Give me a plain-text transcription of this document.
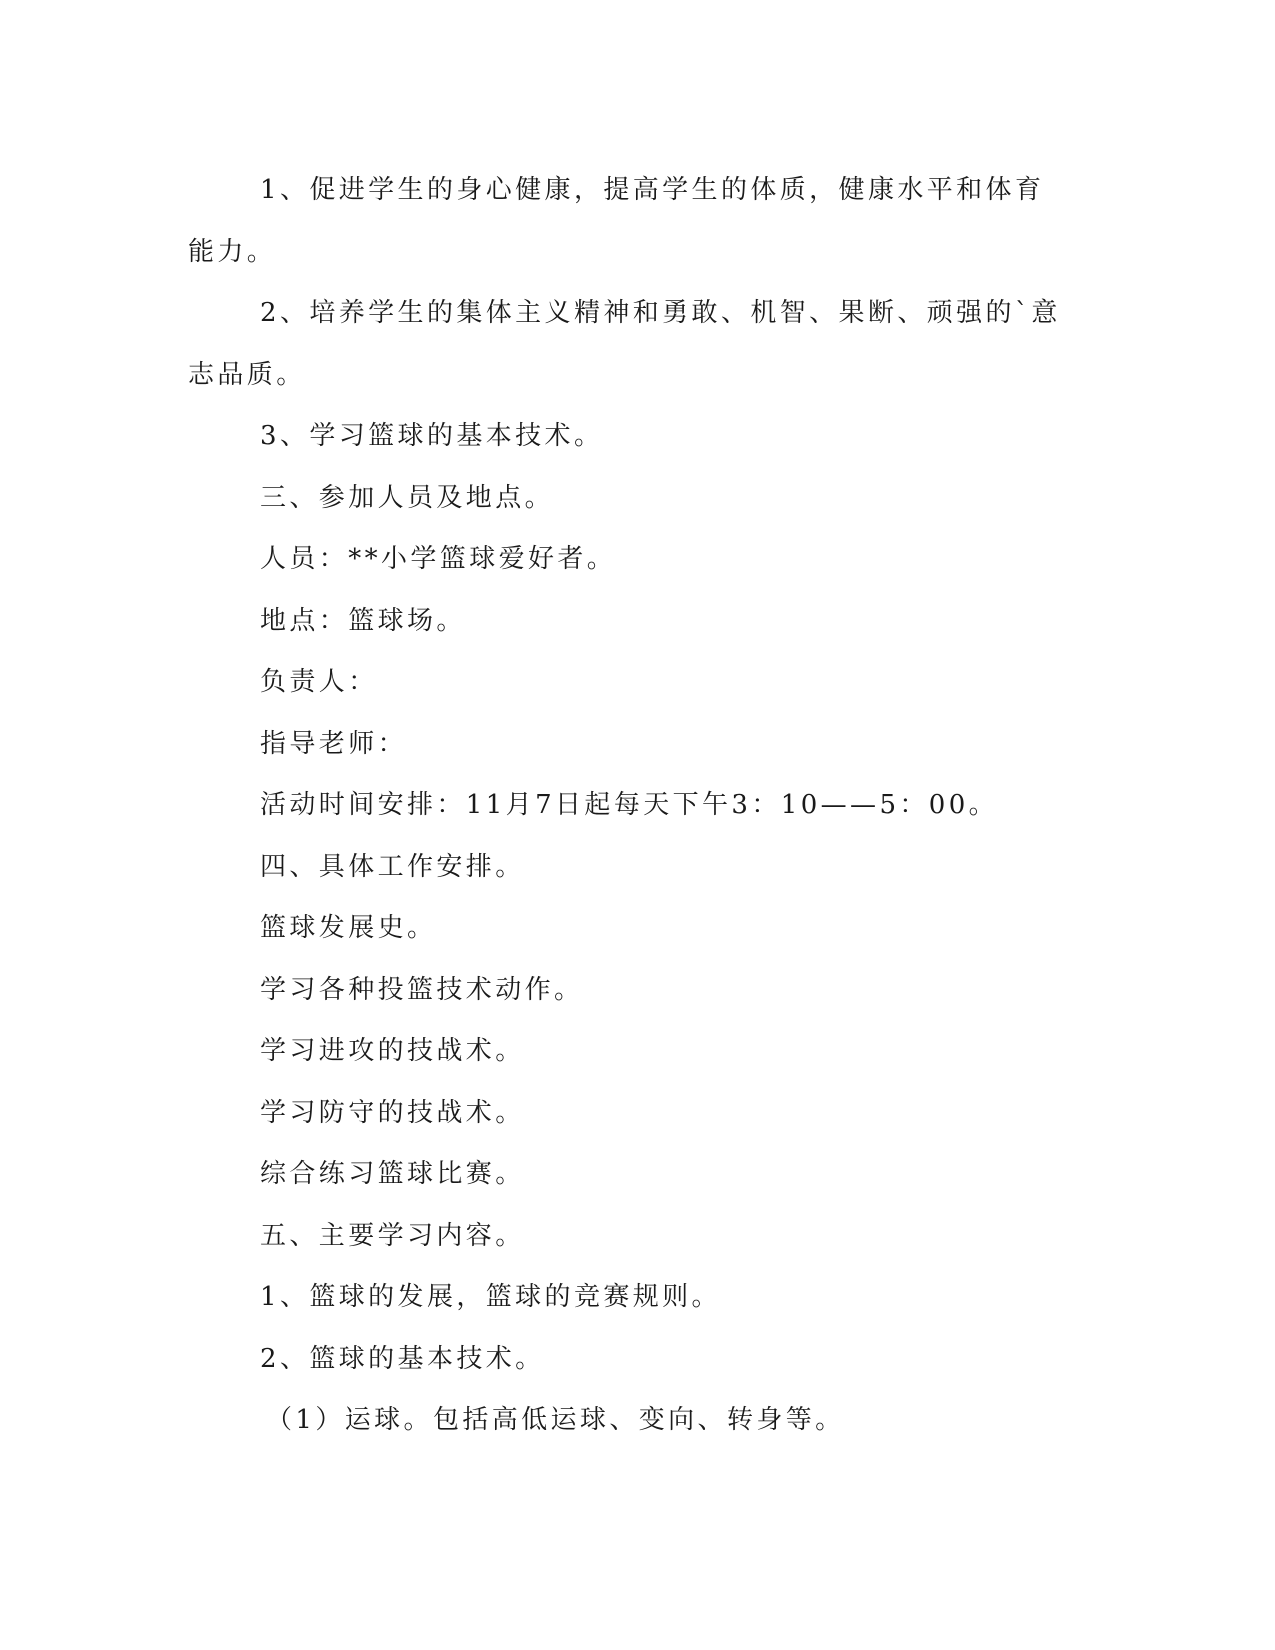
1、促进学生的身心健康，提高学生的体质，健康水平和体育能力。

2、培养学生的集体主义精神和勇敢、机智、果断、顽强的`意志品质。

3、学习篮球的基本技术。

三、参加人员及地点。

人员：**小学篮球爱好者。

地点：篮球场。

负责人：

指导老师：

活动时间安排：11月7日起每天下午3：10——5：00。

四、具体工作安排。

篮球发展史。

学习各种投篮技术动作。

学习进攻的技战术。

学习防守的技战术。

综合练习篮球比赛。

五、主要学习内容。

1、篮球的发展，篮球的竞赛规则。

2、篮球的基本技术。

（1）运球。包括高低运球、变向、转身等。
